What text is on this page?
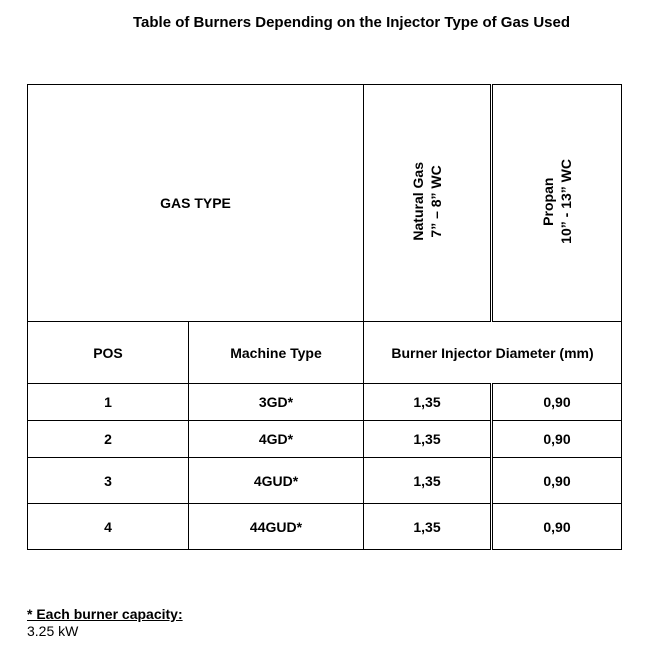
Table of Burners Depending on the Injector Type of Gas Used
GAS TYPE		Natural Gas 7” – 8” WC	Propan 10” - 13” WC
POS	Machine Type	Burner Injector Diameter (mm)	
1	3GD*	1,35	0,90
2	4GD*	1,35	0,90
3	4GUD*	1,35	0,90
4	44GUD*	1,35	0,90
* Each burner capacity:
3.25 kW
